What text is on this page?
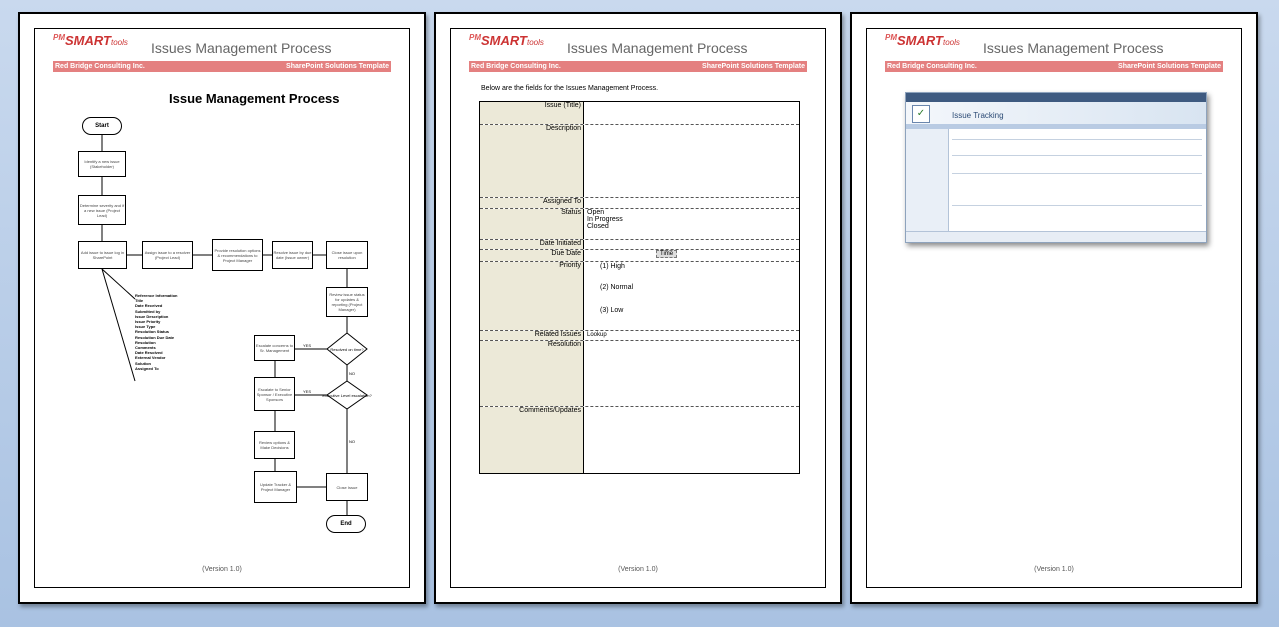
$^{PM}$SMARTtools Issues Management Process
Red Bridge Consulting Inc.	SharePoint Solutions Template
Issue Management Process
Resolved on time?
Executive Level escalation?
YES
NO
YES
NO
Start
Identify a new issue (Stakeholder)
Determine severity and if a new issue (Project Lead)
Add issue to issue log in SharePoint
Assign issue to a resolver (Project Lead)
Provide resolution options & recommendations to Project Manager
Resolve issue by due date (Issue owner)
Close issue upon resolution
Review issue status for updates & reporting (Project Manager)
Escalate concerns to Sr. Management
Escalate to Senior Sponsor / Executive Sponsors
Review options & Make Decisions
Update Tracker & Project Manager	Close Issue
End
Reference Information
Title
Date Received
Submitted by
Issue Description
Issue Priority
Issue Type
Resolution Status
Resolution Due Date
Resolution
Comments
Date Resolved
External Vendor
Solution
Assigned To
(Version 1.0)
$^{PM}$SMARTtools Issues Management Process
Red Bridge Consulting Inc.	SharePoint Solutions Template
Below are the fields for the Issues Management Process.
Issue (Title)
Description
Assigned To
Status Open
In Progress
Closed
Date Initiated
Due Date	Time
Priority	(1) High
(2) Normal
(3) Low
Related Issues	Lookup
Resolution
Comments/Updates
(Version 1.0)
$^{PM}$SMARTtools Issues Management Process
Red Bridge Consulting Inc.	SharePoint Solutions Template
✓	Issue Tracking
(Version 1.0)
